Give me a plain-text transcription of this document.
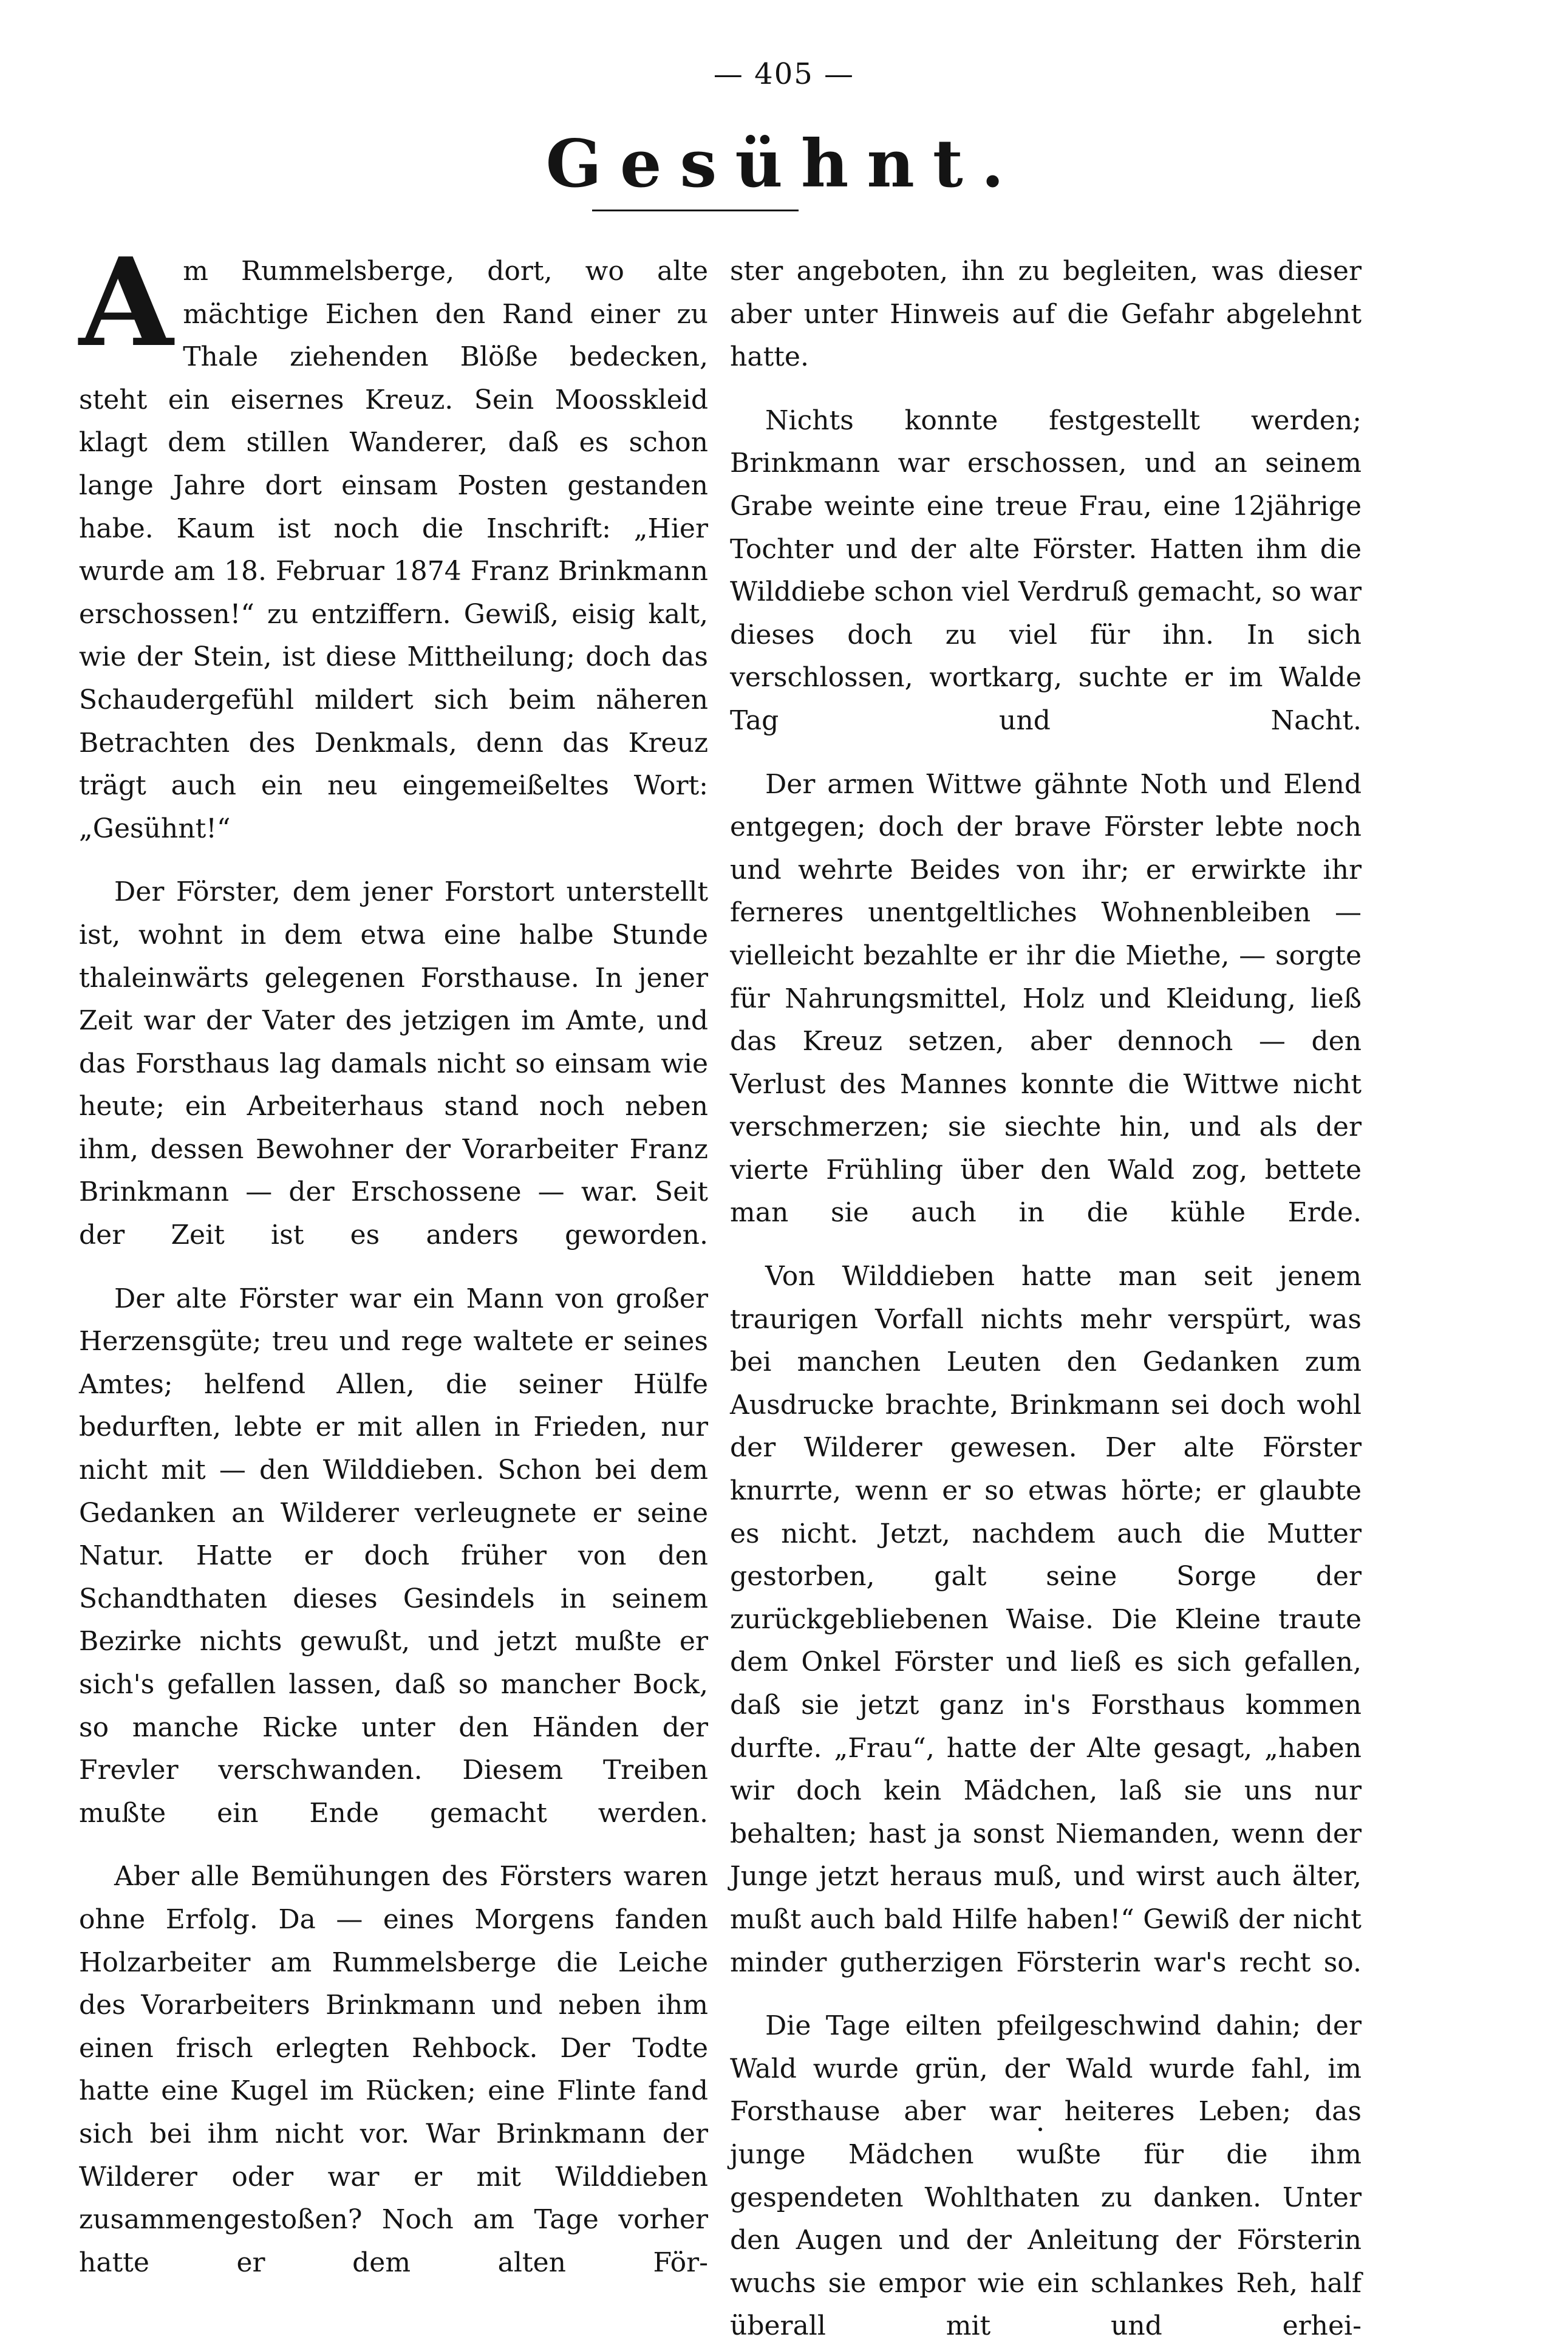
— 405 —
Gesühnt.

Am Rummelsberge, dort, wo alte mächtige Eichen den Rand einer zu Thale ziehenden Blöße bedecken, steht ein eisernes Kreuz. Sein Moosskleid klagt dem stillen Wanderer, daß es schon lange Jahre dort einsam Posten gestanden habe. Kaum ist noch die Inschrift: „Hier wurde am 18. Februar 1874 Franz Brinkmann erschossen!“ zu entziffern. Gewiß, eisig kalt, wie der Stein, ist diese Mittheilung; doch das Schaudergefühl mildert sich beim näheren Betrachten des Denkmals, denn das Kreuz trägt auch ein neu eingemeißeltes Wort: „Gesühnt!“

Der Förster, dem jener Forstort unterstellt ist, wohnt in dem etwa eine halbe Stunde thaleinwärts gelegenen Forsthause. In jener Zeit war der Vater des jetzigen im Amte, und das Forsthaus lag damals nicht so einsam wie heute; ein Arbeiterhaus stand noch neben ihm, dessen Bewohner der Vorarbeiter Franz Brinkmann — der Erschossene — war. Seit der Zeit ist es anders geworden.

Der alte Förster war ein Mann von großer Herzensgüte; treu und rege waltete er seines Amtes; helfend Allen, die seiner Hülfe bedurften, lebte er mit allen in Frieden, nur nicht mit — den Wilddieben. Schon bei dem Gedanken an Wilderer verleugnete er seine Natur. Hatte er doch früher von den Schandthaten dieses Gesindels in seinem Bezirke nichts gewußt, und jetzt mußte er sich's gefallen lassen, daß so mancher Bock, so manche Ricke unter den Händen der Frevler verschwanden. Diesem Treiben mußte ein Ende gemacht werden.

Aber alle Bemühungen des Försters waren ohne Erfolg. Da — eines Morgens fanden Holzarbeiter am Rummelsberge die Leiche des Vorarbeiters Brinkmann und neben ihm einen frisch erlegten Rehbock. Der Todte hatte eine Kugel im Rücken; eine Flinte fand sich bei ihm nicht vor. War Brinkmann der Wilderer oder war er mit Wilddieben zusammengestoßen? Noch am Tage vorher hatte er dem alten För-

ster angeboten, ihn zu begleiten, was dieser aber unter Hinweis auf die Gefahr abgelehnt hatte.

Nichts konnte festgestellt werden; Brinkmann war erschossen, und an seinem Grabe weinte eine treue Frau, eine 12jährige Tochter und der alte Förster. Hatten ihm die Wilddiebe schon viel Verdruß gemacht, so war dieses doch zu viel für ihn. In sich verschlossen, wortkarg, suchte er im Walde Tag und Nacht.

Der armen Wittwe gähnte Noth und Elend entgegen; doch der brave Förster lebte noch und wehrte Beides von ihr; er erwirkte ihr ferneres unentgeltliches Wohnenbleiben — vielleicht bezahlte er ihr die Miethe, — sorgte für Nahrungsmittel, Holz und Kleidung, ließ das Kreuz setzen, aber dennoch — den Verlust des Mannes konnte die Wittwe nicht verschmerzen; sie siechte hin, und als der vierte Frühling über den Wald zog, bettete man sie auch in die kühle Erde.

Von Wilddieben hatte man seit jenem traurigen Vorfall nichts mehr verspürt, was bei manchen Leuten den Gedanken zum Ausdrucke brachte, Brinkmann sei doch wohl der Wilderer gewesen. Der alte Förster knurrte, wenn er so etwas hörte; er glaubte es nicht. Jetzt, nachdem auch die Mutter gestorben, galt seine Sorge der zurückgebliebenen Waise. Die Kleine traute dem Onkel Förster und ließ es sich gefallen, daß sie jetzt ganz in's Forsthaus kommen durfte. „Frau“, hatte der Alte gesagt, „haben wir doch kein Mädchen, laß sie uns nur behalten; hast ja sonst Niemanden, wenn der Junge jetzt heraus muß, und wirst auch älter, mußt auch bald Hilfe haben!“ Gewiß der nicht minder gutherzigen Försterin war's recht so.

Die Tage eilten pfeilgeschwind dahin; der Wald wurde grün, der Wald wurde fahl, im Forsthause aber war heiteres Leben; das junge Mädchen wußte für die ihm gespendeten Wohlthaten zu danken. Unter den Augen und der Anleitung der Försterin wuchs sie empor wie ein schlankes Reh, half überall mit und erhei-
